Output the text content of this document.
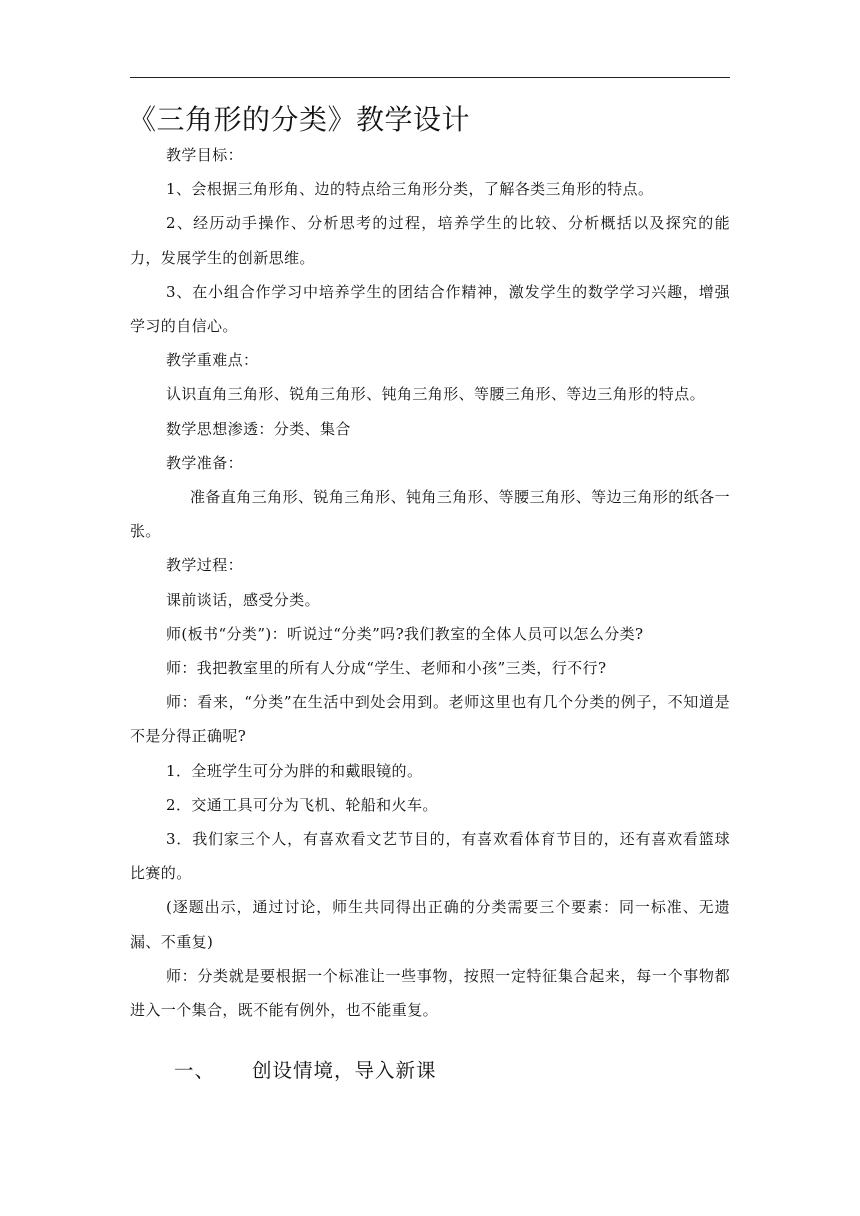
《三角形的分类》教学设计

教学目标：

1、会根据三角形角、边的特点给三角形分类，了解各类三角形的特点。

2、经历动手操作、分析思考的过程，培养学生的比较、分析概括以及探究的能力，发展学生的创新思维。

3、在小组合作学习中培养学生的团结合作精神，激发学生的数学学习兴趣，增强学习的自信心。

教学重难点：

认识直角三角形、锐角三角形、钝角三角形、等腰三角形、等边三角形的特点。

数学思想渗透：分类、集合

教学准备：

准备直角三角形、锐角三角形、钝角三角形、等腰三角形、等边三角形的纸各一张。

教学过程：

课前谈话，感受分类。

师(板书“分类”)：听说过“分类”吗?我们教室的全体人员可以怎么分类?

师：我把教室里的所有人分成“学生、老师和小孩”三类，行不行?

师：看来，“分类”在生活中到处会用到。老师这里也有几个分类的例子，不知道是不是分得正确呢?

1．全班学生可分为胖的和戴眼镜的。

2．交通工具可分为飞机、轮船和火车。

3．我们家三个人，有喜欢看文艺节目的，有喜欢看体育节目的，还有喜欢看篮球比赛的。

(逐题出示，通过讨论，师生共同得出正确的分类需要三个要素：同一标准、无遗漏、不重复)

师：分类就是要根据一个标准让一些事物，按照一定特征集合起来，每一个事物都进入一个集合，既不能有例外，也不能重复。

一、 创设情境，导入新课
